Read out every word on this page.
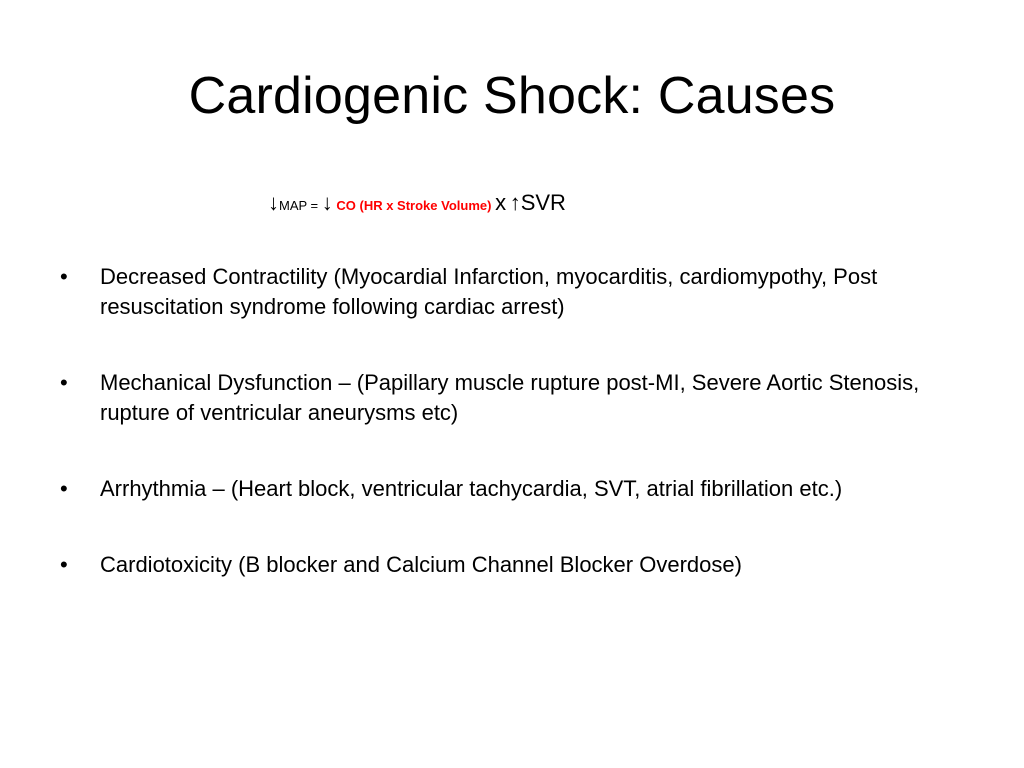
Cardiogenic Shock: Causes
↓MAP = ↓ CO (HR x Stroke Volume) x ↑SVR
• Decreased Contractility (Myocardial Infarction, myocarditis, cardiomypothy, Post resuscitation syndrome following cardiac arrest)
• Mechanical Dysfunction – (Papillary muscle rupture post-MI, Severe Aortic Stenosis, rupture of ventricular aneurysms etc)
• Arrhythmia – (Heart block, ventricular tachycardia, SVT, atrial fibrillation etc.)
• Cardiotoxicity (B blocker and Calcium Channel Blocker Overdose)
